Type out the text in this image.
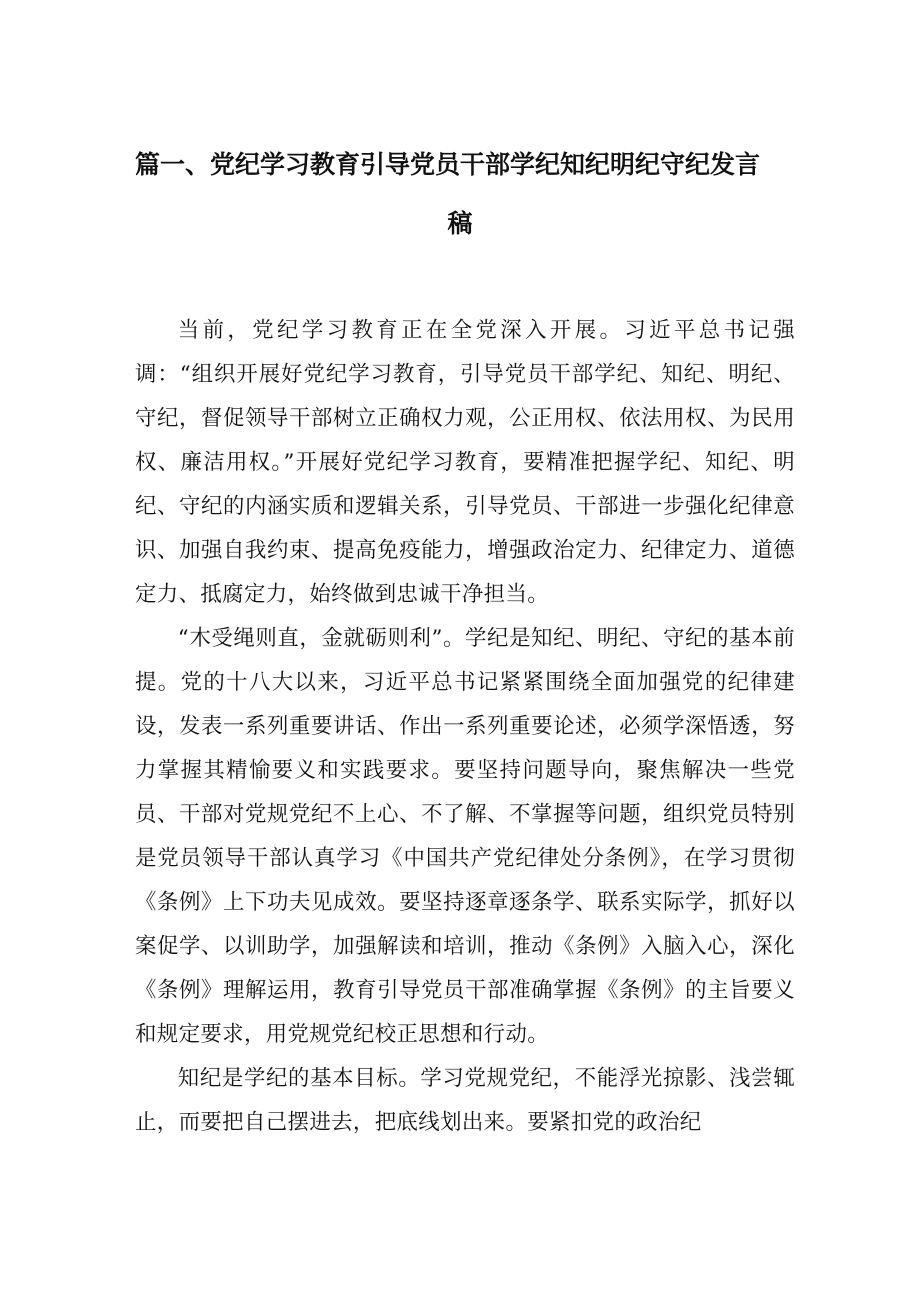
篇一、党纪学习教育引导党员干部学纪知纪明纪守纪发言
稿

当前，党纪学习教育正在全党深入开展。习近平总书记强调：“组织开展好党纪学习教育，引导党员干部学纪、知纪、明纪、守纪，督促领导干部树立正确权力观，公正用权、依法用权、为民用权、廉洁用权。”开展好党纪学习教育，要精准把握学纪、知纪、明纪、守纪的内涵实质和逻辑关系，引导党员、干部进一步强化纪律意识、加强自我约束、提高免疫能力，增强政治定力、纪律定力、道德定力、抵腐定力，始终做到忠诚干净担当。

“木受绳则直，金就砺则利”。学纪是知纪、明纪、守纪的基本前提。党的十八大以来，习近平总书记紧紧围绕全面加强党的纪律建设，发表一系列重要讲话、作出一系列重要论述，必须学深悟透，努力掌握其精愉要义和实践要求。要坚持问题导向，聚焦解决一些党员、干部对党规党纪不上心、不了解、不掌握等问题，组织党员特别是党员领导干部认真学习《中国共产党纪律处分条例》，在学习贯彻《条例》上下功夫见成效。要坚持逐章逐条学、联系实际学，抓好以案促学、以训助学，加强解读和培训，推动《条例》入脑入心，深化《条例》理解运用，教育引导党员干部准确掌握《条例》的主旨要义和规定要求，用党规党纪校正思想和行动。

知纪是学纪的基本目标。学习党规党纪，不能浮光掠影、浅尝辄止，而要把自己摆进去，把底线划出来。要紧扣党的政治纪
